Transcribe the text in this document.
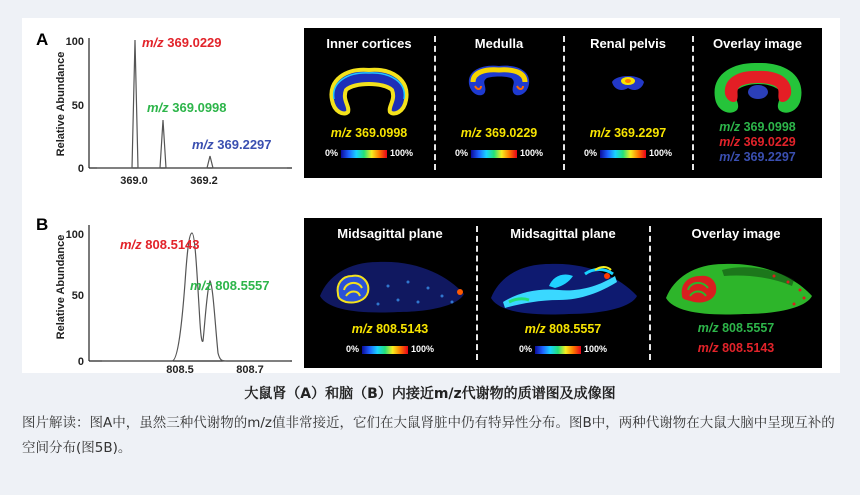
A
Relative Abundance
100
50
0
369.0	369.2
m/z 369.0229
m/z 369.0998
m/z 369.2297
Inner cortices
m/z 369.0998
0%	100%
Medulla
m/z 369.0229
0%	100%
Renal pelvis
m/z 369.2297
0%	100%
Overlay image
m/z 369.0998
m/z 369.0229
m/z 369.2297
B
Relative Abundance
100
50
0
808.5	808.7
m/z 808.5143
m/z 808.5557
Midsagittal plane
m/z 808.5143
0%	100%
Midsagittal plane
m/z 808.5557
0%	100%
Overlay image
m/z 808.5557
m/z 808.5143
大鼠肾（A）和脑（B）内接近m/z代谢物的质谱图及成像图
图片解读：图A中，虽然三种代谢物的m/z值非常接近，它们在大鼠肾脏中仍有特异性分布。图B中，两种代谢物在大鼠大脑中呈现互补的空间分布(图5B)。
